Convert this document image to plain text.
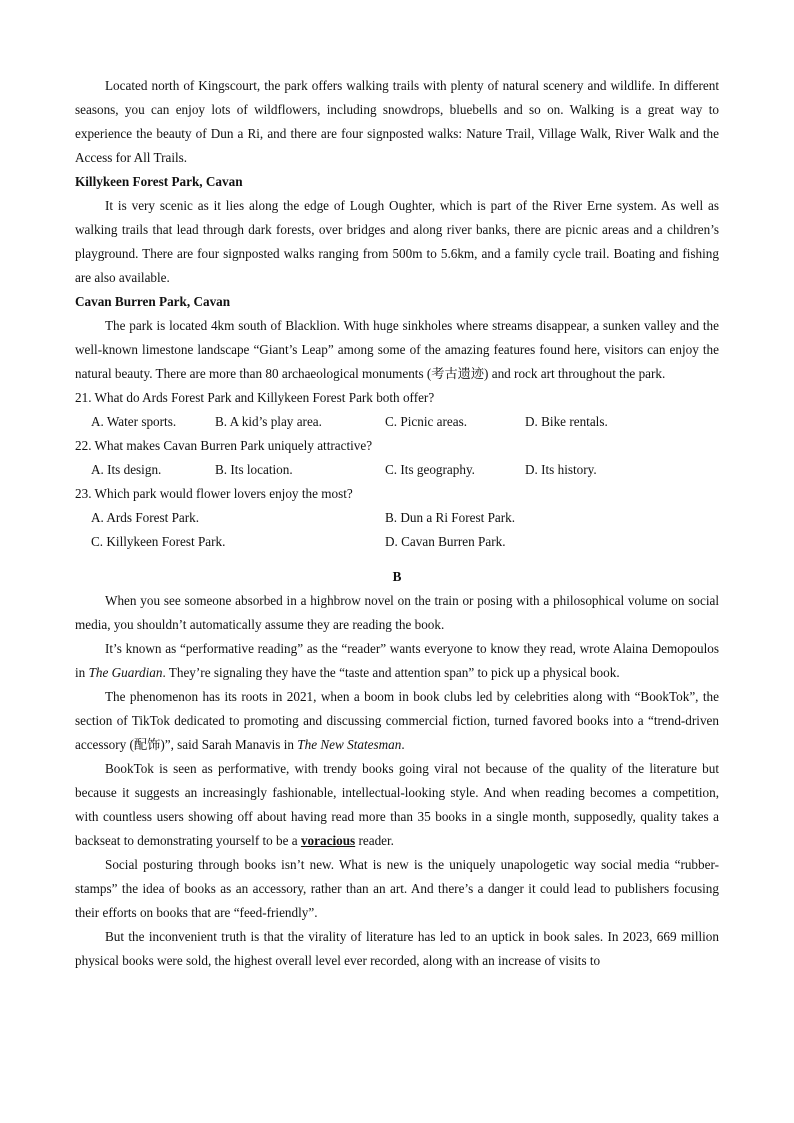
Located north of Kingscourt, the park offers walking trails with plenty of natural scenery and wildlife. In different seasons, you can enjoy lots of wildflowers, including snowdrops, bluebells and so on. Walking is a great way to experience the beauty of Dun a Ri, and there are four signposted walks: Nature Trail, Village Walk, River Walk and the Access for All Trails.

Killykeen Forest Park, Cavan

It is very scenic as it lies along the edge of Lough Oughter, which is part of the River Erne system. As well as walking trails that lead through dark forests, over bridges and along river banks, there are picnic areas and a children’s playground. There are four signposted walks ranging from 500m to 5.6km, and a family cycle trail. Boating and fishing are also available.

Cavan Burren Park, Cavan

The park is located 4km south of Blacklion. With huge sinkholes where streams disappear, a sunken valley and the well-known limestone landscape “Giant’s Leap” among some of the amazing features found here, visitors can enjoy the natural beauty. There are more than 80 archaeological monuments (考古遗迹) and rock art throughout the park.

21. What do Ards Forest Park and Killykeen Forest Park both offer?

A. Water sports.	B. A kid’s play area.	C. Picnic areas.	D. Bike rentals.

22. What makes Cavan Burren Park uniquely attractive?

A. Its design.	B. Its location.	C. Its geography.	D. Its history.

23. Which park would flower lovers enjoy the most?

A. Ards Forest Park.	B. Dun a Ri Forest Park.
C. Killykeen Forest Park.	D. Cavan Burren Park.

B

When you see someone absorbed in a highbrow novel on the train or posing with a philosophical volume on social media, you shouldn’t automatically assume they are reading the book.

It’s known as “performative reading” as the “reader” wants everyone to know they read, wrote Alaina Demopoulos in The Guardian. They’re signaling they have the “taste and attention span” to pick up a physical book.

The phenomenon has its roots in 2021, when a boom in book clubs led by celebrities along with “BookTok”, the section of TikTok dedicated to promoting and discussing commercial fiction, turned favored books into a “trend-driven accessory (配饰)”, said Sarah Manavis in The New Statesman.

BookTok is seen as performative, with trendy books going viral not because of the quality of the literature but because it suggests an increasingly fashionable, intellectual-looking style. And when reading becomes a competition, with countless users showing off about having read more than 35 books in a single month, supposedly, quality takes a backseat to demonstrating yourself to be a voracious reader.

Social posturing through books isn’t new. What is new is the uniquely unapologetic way social media “rubber-stamps” the idea of books as an accessory, rather than an art. And there’s a danger it could lead to publishers focusing their efforts on books that are “feed-friendly”.

But the inconvenient truth is that the virality of literature has led to an uptick in book sales. In 2023, 669 million physical books were sold, the highest overall level ever recorded, along with an increase of visits to
